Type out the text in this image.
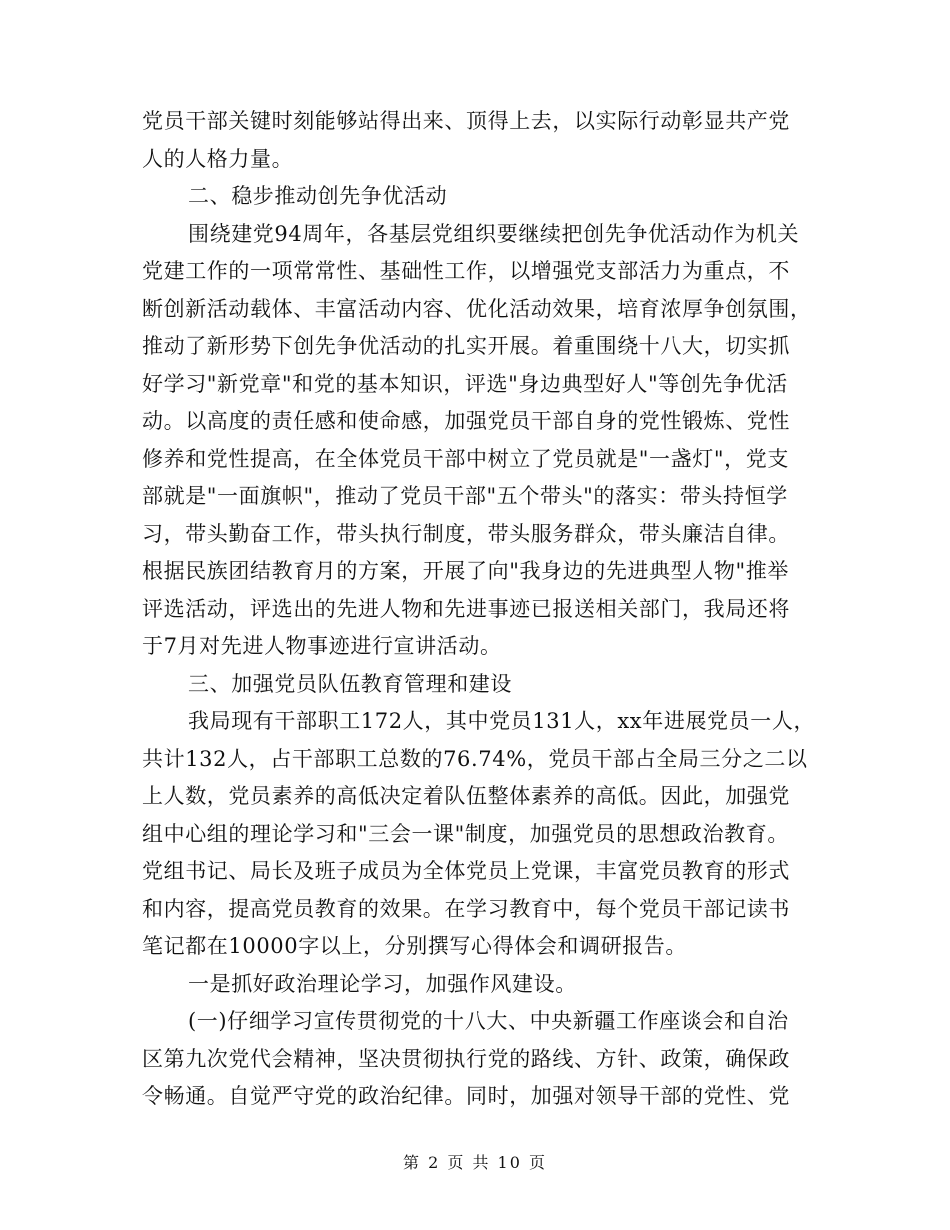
党员干部关键时刻能够站得出来、顶得上去，以实际行动彰显共产党
人的人格力量。
二、稳步推动创先争优活动
围绕建党94周年，各基层党组织要继续把创先争优活动作为机关
党建工作的一项常常性、基础性工作，以增强党支部活力为重点，不
断创新活动载体、丰富活动内容、优化活动效果，培育浓厚争创氛围，
推动了新形势下创先争优活动的扎实开展。着重围绕十八大，切实抓
好学习"新党章"和党的基本知识，评选"身边典型好人"等创先争优活
动。以高度的责任感和使命感，加强党员干部自身的党性锻炼、党性
修养和党性提高，在全体党员干部中树立了党员就是"一盏灯"，党支
部就是"一面旗帜"，推动了党员干部"五个带头"的落实：带头持恒学
习，带头勤奋工作，带头执行制度，带头服务群众，带头廉洁自律。
根据民族团结教育月的方案，开展了向"我身边的先进典型人物"推举
评选活动，评选出的先进人物和先进事迹已报送相关部门，我局还将
于7月对先进人物事迹进行宣讲活动。
三、加强党员队伍教育管理和建设
我局现有干部职工172人，其中党员131人，xx年进展党员一人，
共计132人，占干部职工总数的76.74%，党员干部占全局三分之二以
上人数，党员素养的高低决定着队伍整体素养的高低。因此，加强党
组中心组的理论学习和"三会一课"制度，加强党员的思想政治教育。
党组书记、局长及班子成员为全体党员上党课，丰富党员教育的形式
和内容，提高党员教育的效果。在学习教育中，每个党员干部记读书
笔记都在10000字以上，分别撰写心得体会和调研报告。
一是抓好政治理论学习，加强作风建设。
(一)仔细学习宣传贯彻党的十八大、中央新疆工作座谈会和自治
区第九次党代会精神，坚决贯彻执行党的路线、方针、政策，确保政
令畅通。自觉严守党的政治纪律。同时，加强对领导干部的党性、党
第 2 页 共 10 页
